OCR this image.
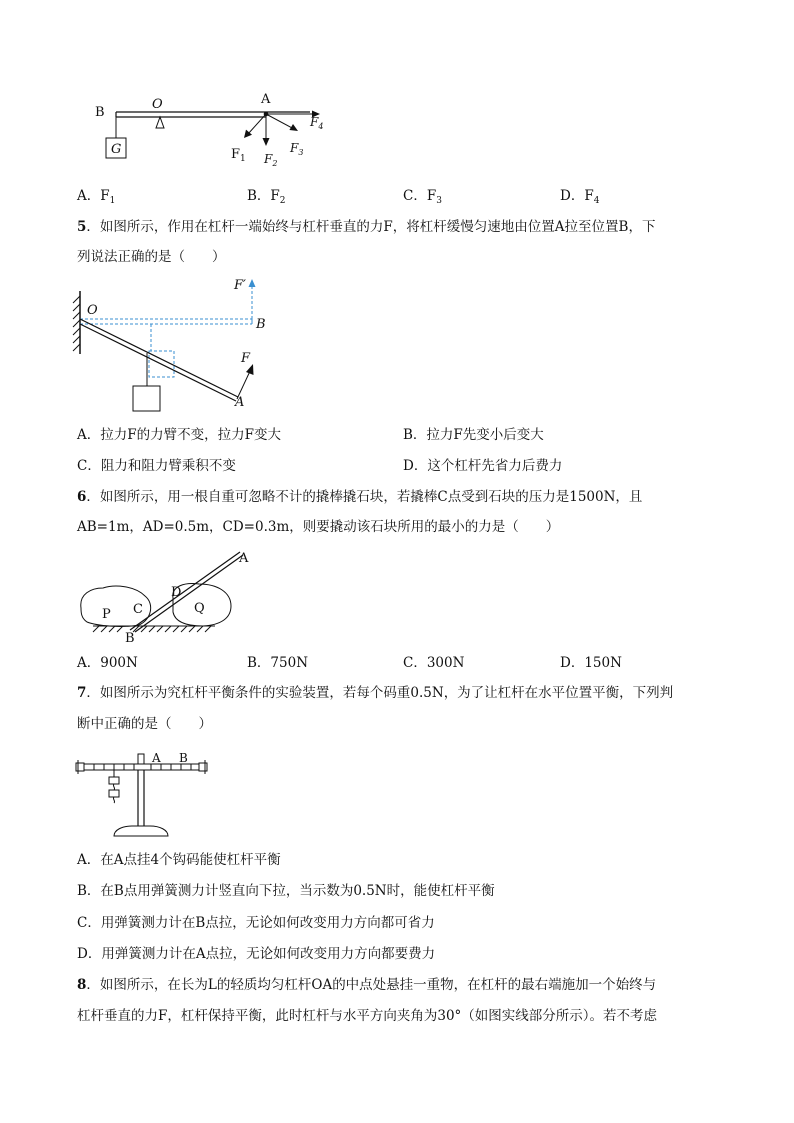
B
O	A
G	$F_1$ $F_2$
$F_3$
$F_4$
A．$F_1$	B．$F_2$	C．$F_3$	D．$F_4$
5．如图所示，作用在杠杆一端始终与杠杆垂直的力F，将杠杆缓慢匀速地由位置A拉至位置B，下
列说法正确的是（　　）
F′
O
B
F
A
A．拉力F的力臂不变，拉力F变大	B．拉力F先变小后变大
C．阻力和阻力臂乘积不变	D．这个杠杆先省力后费力
6．如图所示，用一根自重可忽略不计的撬棒撬石块，若撬棒C点受到石块的压力是1500N，且
AB=1m，AD=0.5m，CD=0.3m，则要撬动该石块所用的最小的力是（　　）
A
D
P C	Q
B
A．900N	B．750N	C．300N	D．150N
7．如图所示为究杠杆平衡条件的实验装置，若每个码重0.5N，为了让杠杆在水平位置平衡，下列判
断中正确的是（　　）
A B
A．在A点挂4个钩码能使杠杆平衡
B．在B点用弹簧测力计竖直向下拉，当示数为0.5N时，能使杠杆平衡
C．用弹簧测力计在B点拉，无论如何改变用力方向都可省力
D．用弹簧测力计在A点拉，无论如何改变用力方向都要费力
8．如图所示，在长为L的轻质均匀杠杆OA的中点处悬挂一重物，在杠杆的最右端施加一个始终与
杠杆垂直的力F，杠杆保持平衡，此时杠杆与水平方向夹角为30°（如图实线部分所示）。若不考虑
